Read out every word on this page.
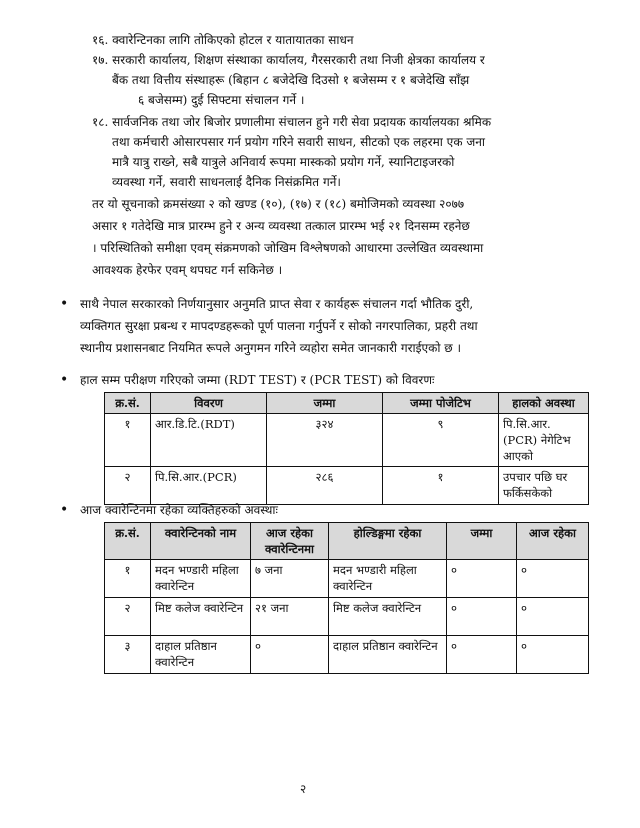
१६. क्वारेन्टिनका लागि तोकिएको होटल र यातायातका साधन
१७. सरकारी कार्यालय, शिक्षण संस्थाका कार्यालय, गैरसरकारी तथा निजी क्षेत्रका कार्यालय र
बैंक तथा वित्तीय संस्थाहरू (बिहान ८ बजेदेखि दिउसो १ बजेसम्म र १ बजेदेखि साँझ
६ बजेसम्म) दुई सिफ्टमा संचालन गर्ने ।
१८. सार्वजनिक तथा जोर बिजोर प्रणालीमा संचालन हुने गरी सेवा प्रदायक कार्यालयका श्रमिक
तथा कर्मचारी ओसारपसार गर्न प्रयोग गरिने सवारी साधन, सीटको एक लहरमा एक जना
मात्रै यात्रु राख्ने, सबै यात्रुले अनिवार्य रूपमा मास्कको प्रयोग गर्ने, स्यानिटाइजरको
व्यवस्था गर्ने, सवारी साधनलाई दैनिक निसंक्रमित गर्ने।
तर यो सूचनाको क्रमसंख्या २ को खण्ड (१०), (१७) र (१८) बमोजिमको व्यवस्था २०७७
असार १ गतेदेखि मात्र प्रारम्भ हुने र अन्य व्यवस्था तत्काल प्रारम्भ भई २१ दिनसम्म रहनेछ
। परिस्थितिको समीक्षा एवम् संक्रमणको जोखिम विश्लेषणको आधारमा उल्लेखित व्यवस्थामा
आवश्यक हेरफेर एवम् थपघट गर्न सकिनेछ ।
• साथै नेपाल सरकारको निर्णयानुसार अनुमति प्राप्त सेवा र कार्यहरू संचालन गर्दा भौतिक दुरी,
व्यक्तिगत सुरक्षा प्रबन्ध र मापदण्डहरूको पूर्ण पालना गर्नुपर्ने र सोको नगरपालिका, प्रहरी तथा
स्थानीय प्रशासनबाट नियमित रूपले अनुगमन गरिने व्यहोरा समेत जानकारी गराईएको छ ।
• हाल सम्म परीक्षण गरिएको जम्मा (RDT TEST) र (PCR TEST) को विवरणः
क्र.सं.	विवरण	जम्मा	जम्मा पोजेटिभ	हालको अवस्था
१	आर.डि.टि.(RDT)	३२४	९	पि.सि.आर.(PCR) नेगेटिभ आएको
२	पि.सि.आर.(PCR)	२८६	१	उपचार पछि घर फर्किसकेको
• आज क्वारेन्टिनमा रहेका व्यक्तिहरुको अवस्थाः
क्र.सं.	क्वारेन्टिनको नाम	आज रहेका क्वारेन्टिनमा	होल्डिङ्गमा रहेका	जम्मा	आज रहेका
१	मदन भण्डारी महिला क्वारेन्टिन	७ जना	मदन भण्डारी महिला क्वारेन्टिन	०	०
२	मिष्ट कलेज क्वारेन्टिन	२१ जना	मिष्ट कलेज क्वारेन्टिन	०	०
३	दाहाल प्रतिष्ठान क्वारेन्टिन	०	दाहाल प्रतिष्ठान क्वारेन्टिन	०	०
२
